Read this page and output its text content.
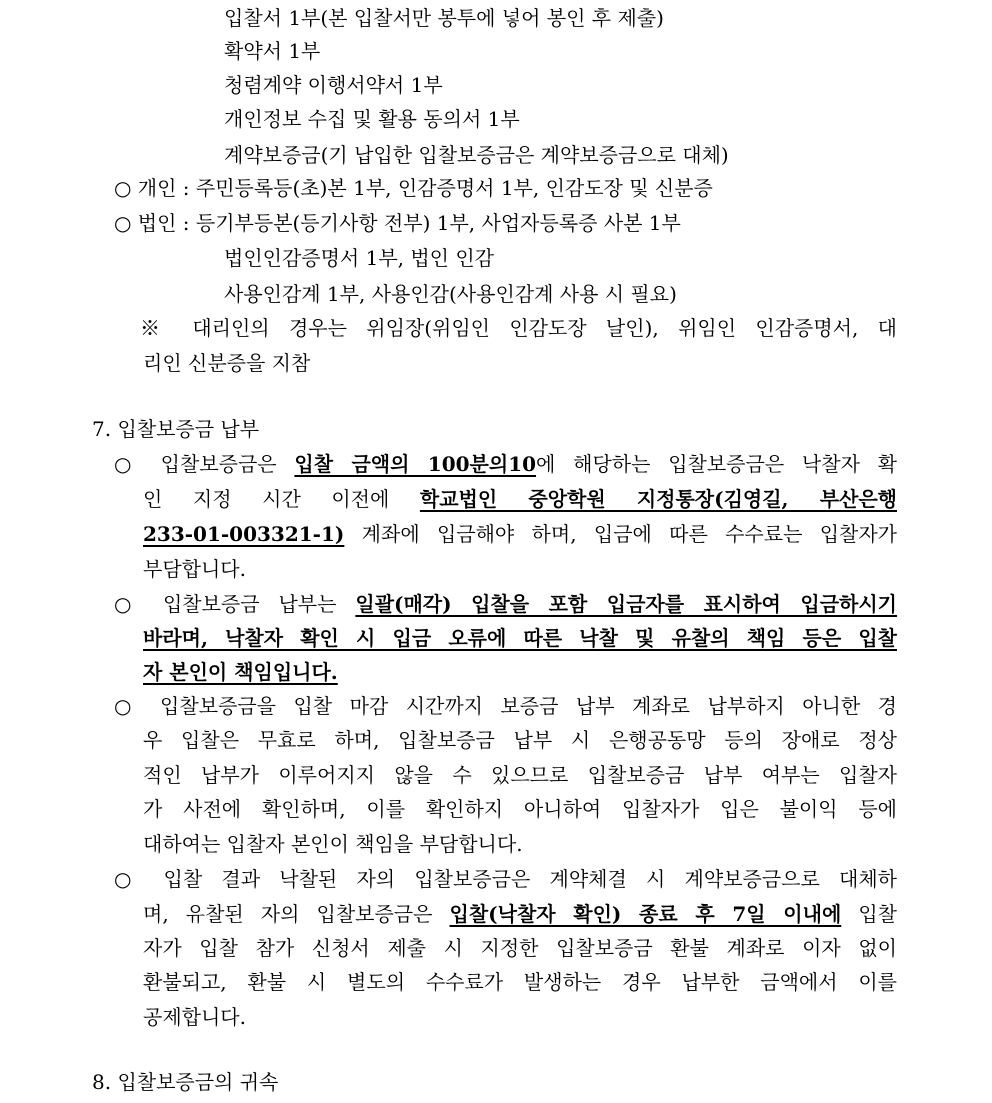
입찰서 1부(본 입찰서만 봉투에 넣어 봉인 후 제출)
확약서 1부
청렴계약 이행서약서 1부
개인정보 수집 및 활용 동의서 1부
계약보증금(기 납입한 입찰보증금은 계약보증금으로 대체)
○ 개인 : 주민등록등(초)본 1부, 인감증명서 1부, 인감도장 및 신분증
○ 법인 : 등기부등본(등기사항 전부) 1부, 사업자등록증 사본 1부
법인인감증명서 1부, 법인 인감
사용인감계 1부, 사용인감(사용인감계 사용 시 필요)
※ 대리인의 경우는 위임장(위임인 인감도장 날인), 위임인 인감증명서, 대
리인 신분증을 지참
7. 입찰보증금 납부
○ 입찰보증금은 입찰 금액의 100분의10에 해당하는 입찰보증금은 낙찰자 확
인 지정 시간 이전에 학교법인 중앙학원 지정통장(김영길, 부산은행
233-01-003321-1) 계좌에 입금해야 하며, 입금에 따른 수수료는 입찰자가
부담합니다.
○ 입찰보증금 납부는 일괄(매각) 입찰을 포함 입금자를 표시하여 입금하시기
바라며, 낙찰자 확인 시 입금 오류에 따른 낙찰 및 유찰의 책임 등은 입찰
자 본인이 책임입니다.
○ 입찰보증금을 입찰 마감 시간까지 보증금 납부 계좌로 납부하지 아니한 경
우 입찰은 무효로 하며, 입찰보증금 납부 시 은행공동망 등의 장애로 정상
적인 납부가 이루어지지 않을 수 있으므로 입찰보증금 납부 여부는 입찰자
가 사전에 확인하며, 이를 확인하지 아니하여 입찰자가 입은 불이익 등에
대하여는 입찰자 본인이 책임을 부담합니다.
○ 입찰 결과 낙찰된 자의 입찰보증금은 계약체결 시 계약보증금으로 대체하
며, 유찰된 자의 입찰보증금은 입찰(낙찰자 확인) 종료 후 7일 이내에 입찰
자가 입찰 참가 신청서 제출 시 지정한 입찰보증금 환불 계좌로 이자 없이
환불되고, 환불 시 별도의 수수료가 발생하는 경우 납부한 금액에서 이를
공제합니다.
8. 입찰보증금의 귀속
